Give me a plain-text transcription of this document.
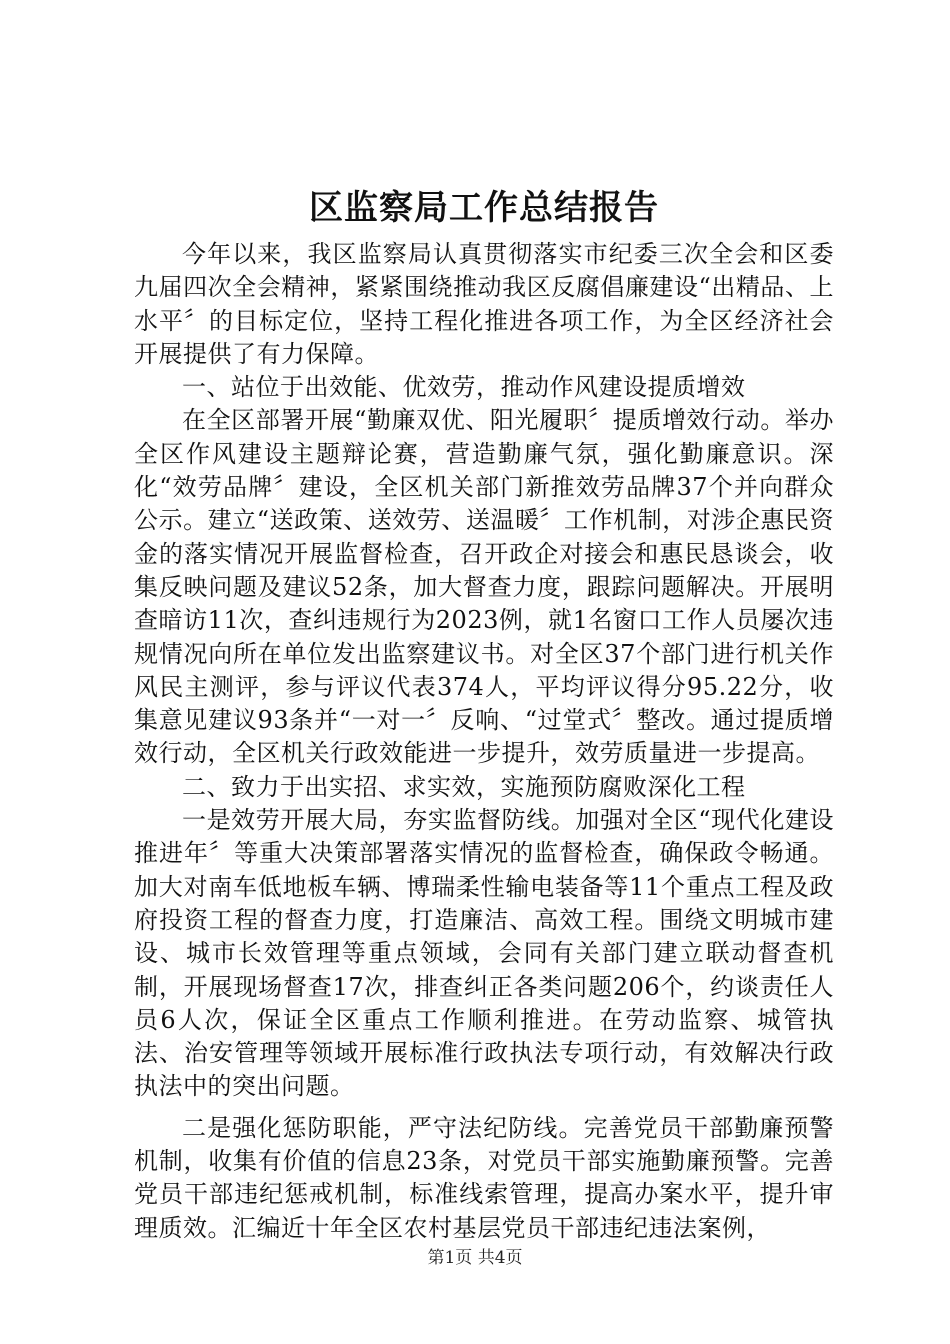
区监察局工作总结报告

今年以来，我区监察局认真贯彻落实市纪委三次全会和区委九届四次全会精神，紧紧围绕推动我区反腐倡廉建设“出精品、上水平〞的目标定位，坚持工程化推进各项工作，为全区经济社会开展提供了有力保障。

一、站位于出效能、优效劳，推动作风建设提质增效

在全区部署开展“勤廉双优、阳光履职〞提质增效行动。举办全区作风建设主题辩论赛，营造勤廉气氛，强化勤廉意识。深化“效劳品牌〞建设，全区机关部门新推效劳品牌37个并向群众公示。建立“送政策、送效劳、送温暖〞工作机制，对涉企惠民资金的落实情况开展监督检查，召开政企对接会和惠民恳谈会，收集反映问题及建议52条，加大督查力度，跟踪问题解决。开展明查暗访11次，查纠违规行为2023例，就1名窗口工作人员屡次违规情况向所在单位发出监察建议书。对全区37个部门进行机关作风民主测评，参与评议代表374人，平均评议得分95.22分，收集意见建议93条并“一对一〞反响、“过堂式〞整改。通过提质增效行动，全区机关行政效能进一步提升，效劳质量进一步提高。

二、致力于出实招、求实效，实施预防腐败深化工程

一是效劳开展大局，夯实监督防线。加强对全区“现代化建设推进年〞等重大决策部署落实情况的监督检查，确保政令畅通。加大对南车低地板车辆、博瑞柔性输电装备等11个重点工程及政府投资工程的督查力度，打造廉洁、高效工程。围绕文明城市建设、城市长效管理等重点领域，会同有关部门建立联动督查机制，开展现场督查17次，排查纠正各类问题206个，约谈责任人员6人次，保证全区重点工作顺利推进。在劳动监察、城管执法、治安管理等领域开展标准行政执法专项行动，有效解决行政执法中的突出问题。

二是强化惩防职能，严守法纪防线。完善党员干部勤廉预警机制，收集有价值的信息23条，对党员干部实施勤廉预警。完善党员干部违纪惩戒机制，标准线索管理，提高办案水平，提升审理质效。汇编近十年全区农村基层党员干部违纪违法案例，

第1页 共4页
